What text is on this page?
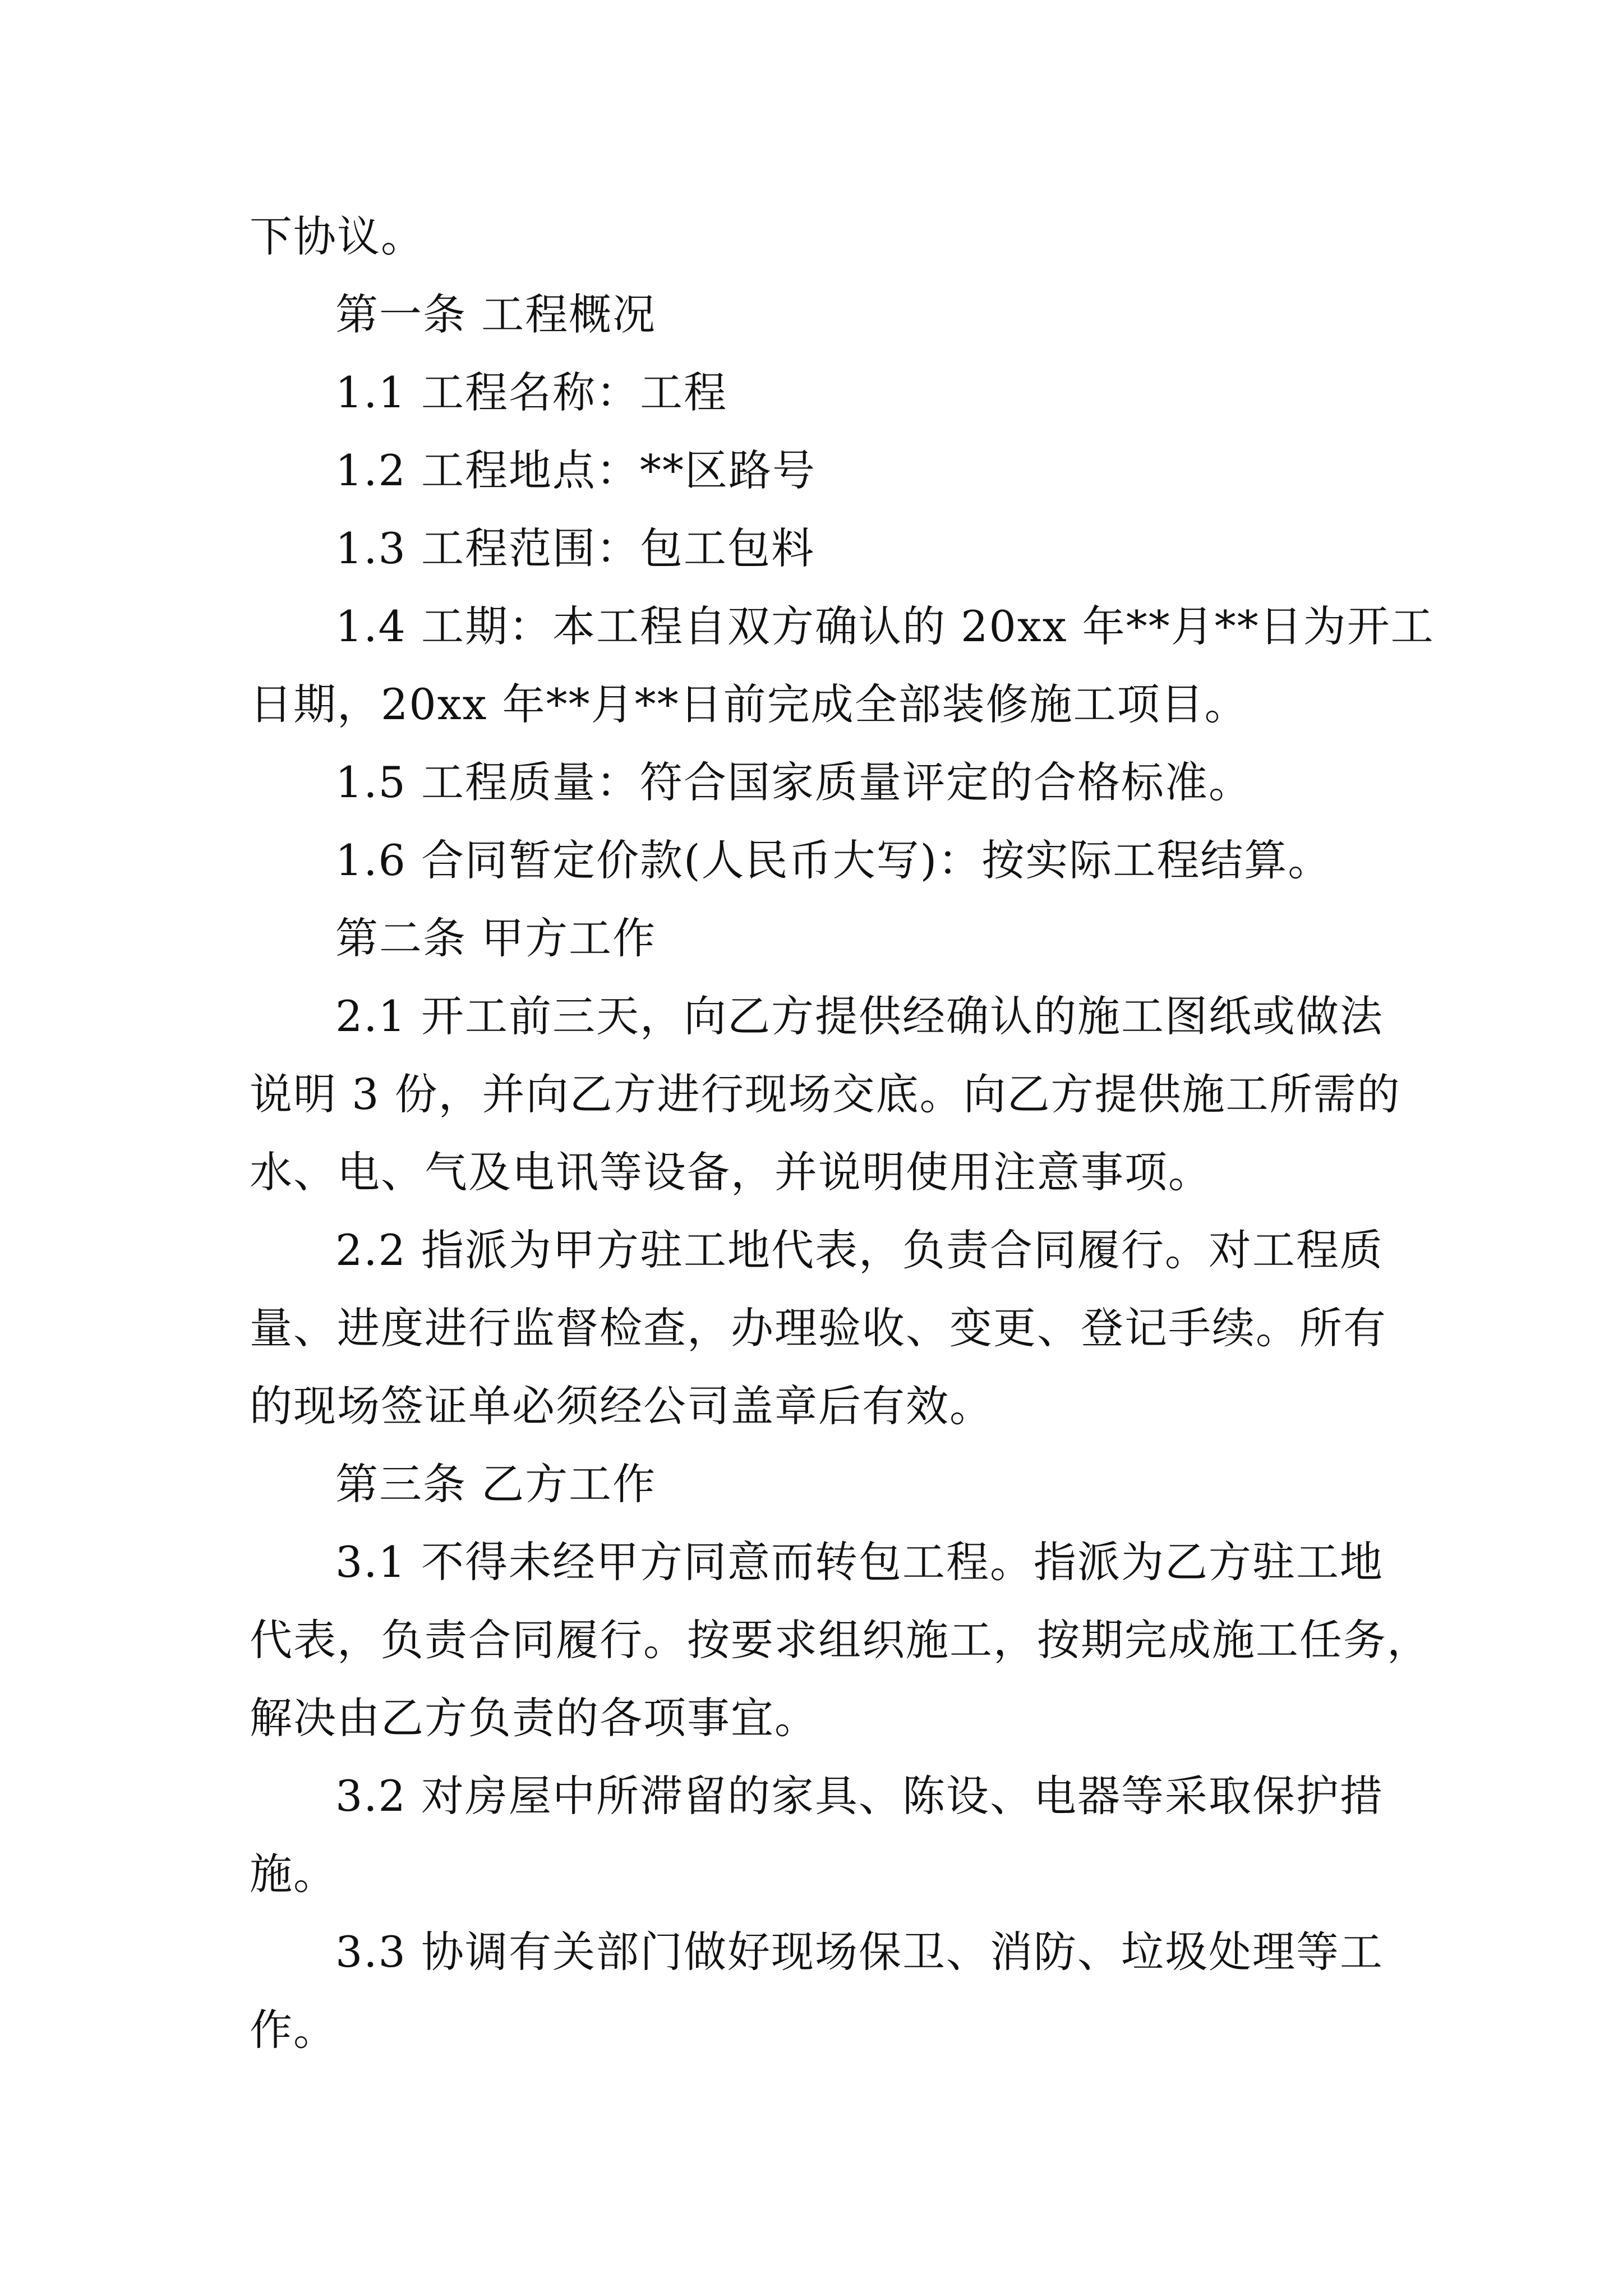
下协议。
第一条 工程概况
1.1 工程名称：工程
1.2 工程地点：**区路号
1.3 工程范围：包工包料
1.4 工期：本工程自双方确认的 20xx 年**月**日为开工
日期，20xx 年**月**日前完成全部装修施工项目。
1.5 工程质量：符合国家质量评定的合格标准。
1.6 合同暂定价款(人民币大写)：按实际工程结算。
第二条 甲方工作
2.1 开工前三天，向乙方提供经确认的施工图纸或做法
说明 3 份，并向乙方进行现场交底。向乙方提供施工所需的
水、电、气及电讯等设备，并说明使用注意事项。
2.2 指派为甲方驻工地代表，负责合同履行。对工程质
量、进度进行监督检查，办理验收、变更、登记手续。所有
的现场签证单必须经公司盖章后有效。
第三条 乙方工作
3.1 不得未经甲方同意而转包工程。指派为乙方驻工地
代表，负责合同履行。按要求组织施工，按期完成施工任务，
解决由乙方负责的各项事宜。
3.2 对房屋中所滞留的家具、陈设、电器等采取保护措
施。
3.3 协调有关部门做好现场保卫、消防、垃圾处理等工
作。
